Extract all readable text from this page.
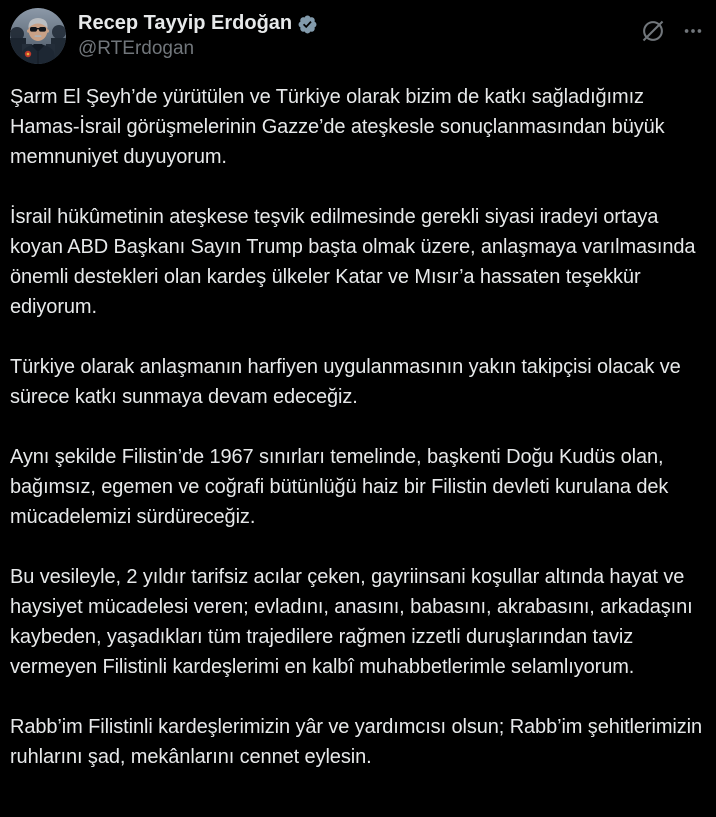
Recep Tayyip Erdoğan
@RTErdogan

Şarm El Şeyh’de yürütülen ve Türkiye olarak bizim de katkı sağladığımız Hamas-İsrail görüşmelerinin Gazze’de ateşkesle sonuçlanmasından büyük memnuniyet duyuyorum.

İsrail hükûmetinin ateşkese teşvik edilmesinde gerekli siyasi iradeyi ortaya koyan ABD Başkanı Sayın Trump başta olmak üzere, anlaşmaya varılmasında önemli destekleri olan kardeş ülkeler Katar ve Mısır’a hassaten teşekkür ediyorum.

Türkiye olarak anlaşmanın harfiyen uygulanmasının yakın takipçisi olacak ve sürece katkı sunmaya devam edeceğiz.

Aynı şekilde Filistin’de 1967 sınırları temelinde, başkenti Doğu Kudüs olan, bağımsız, egemen ve coğrafi bütünlüğü haiz bir Filistin devleti kurulana dek mücadelemizi sürdüreceğiz.

Bu vesileyle, 2 yıldır tarifsiz acılar çeken, gayriinsani koşullar altında hayat ve haysiyet mücadelesi veren; evladını, anasını, babasını, akrabasını, arkadaşını kaybeden, yaşadıkları tüm trajedilere rağmen izzetli duruşlarından taviz vermeyen Filistinli kardeşlerimi en kalbî muhabbetlerimle selamlıyorum.

Rabb’im Filistinli kardeşlerimizin yâr ve yardımcısı olsun; Rabb’im şehitlerimizin ruhlarını şad, mekânlarını cennet eylesin.
